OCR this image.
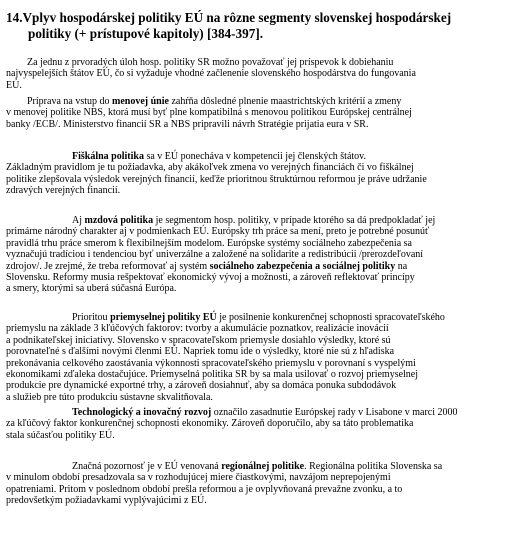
14.Vplyv hospodárskej politiky EÚ na rôzne segmenty slovenskej hospodárskej
politiky (+ prístupové kapitoly) [384-397].
Za jednu z prvoradých úloh hosp. politiky SR možno považovať jej príspevok k dobiehaniu
najvyspelejších štátov EÚ, čo si vyžaduje vhodné začlenenie slovenského hospodárstva do fungovania
EÚ.
Príprava na vstup do menovej únie zahŕňa dôsledné plnenie maastrichtských kritérií a zmeny
v menovej politike NBS, ktorá musí byť plne kompatibilná s menovou politikou Európskej centrálnej
banky /ECB/. Ministerstvo financií SR a NBS pripravili návrh Stratégie prijatia eura v SR.
Fiškálna politika sa v EÚ ponecháva v kompetencii jej členských štátov.
Základným pravidlom je tu požiadavka, aby akákoľvek zmena vo verejných financiách či vo fiškálnej
politike zlepšovala výsledok verejných financií, keďže prioritnou štruktúrnou reformou je práve udržanie
zdravých verejných financií.
Aj mzdová politika je segmentom hosp. politiky, v prípade ktorého sa dá predpokladať jej
primárne národný charakter aj v podmienkach EÚ. Európsky trh práce sa mení, preto je potrebné posunúť
pravidlá trhu práce smerom k flexibilnejším modelom. Európske systémy sociálneho zabezpečenia sa
vyznačujú tradíciou i tendenciou byť univerzálne a založené na solidarite a redistribúcii /prerozdeľovaní
zdrojov/. Je zrejmé, že treba reformovať aj systém sociálneho zabezpečenia a sociálnej politiky na
Slovensku. Reformy musia rešpektovať ekonomický vývoj a možnosti, a zároveň reflektovať princípy
a smery, ktorými sa uberá súčasná Európa.
Prioritou priemyselnej politiky EÚ je posilnenie konkurenčnej schopnosti spracovateľského
priemyslu na základe 3 kľúčových faktorov: tvorby a akumulácie poznatkov, realizácie inovácií
a podnikateľskej iniciatívy. Slovensko v spracovateľskom priemysle dosiahlo výsledky, ktoré sú
porovnateľné s ďalšími novými členmi EÚ. Napriek tomu ide o výsledky, ktoré nie sú z hľadiska
prekonávania celkového zaostávania výkonnosti spracovateľského priemyslu v porovnaní s vyspelými
ekonomikami zďaleka dostačujúce. Priemyselná politika SR by sa mala usilovať o rozvoj priemyselnej
produkcie pre dynamické exportné trhy, a zároveň dosiahnuť, aby sa domáca ponuka subdodávok
a služieb pre túto produkciu sústavne skvalitňovala.
Technologický a inovačný rozvoj označilo zasadnutie Európskej rady v Lisabone v marci 2000
za kľúčový faktor konkurenčnej schopnosti ekonomiky. Zároveň doporučilo, aby sa táto problematika
stala súčasťou politiky EÚ.
Značná pozornosť je v EÚ venovaná regionálnej politike. Regionálna politika Slovenska sa
v minulom období presadzovala sa v rozhodujúcej miere čiastkovými, navzájom neprepojenými
opatreniami. Pritom v poslednom období prešla reformou a je ovplyvňovaná prevažne zvonku, a to
predovšetkým požiadavkami vyplývajúcimi z EÚ.
